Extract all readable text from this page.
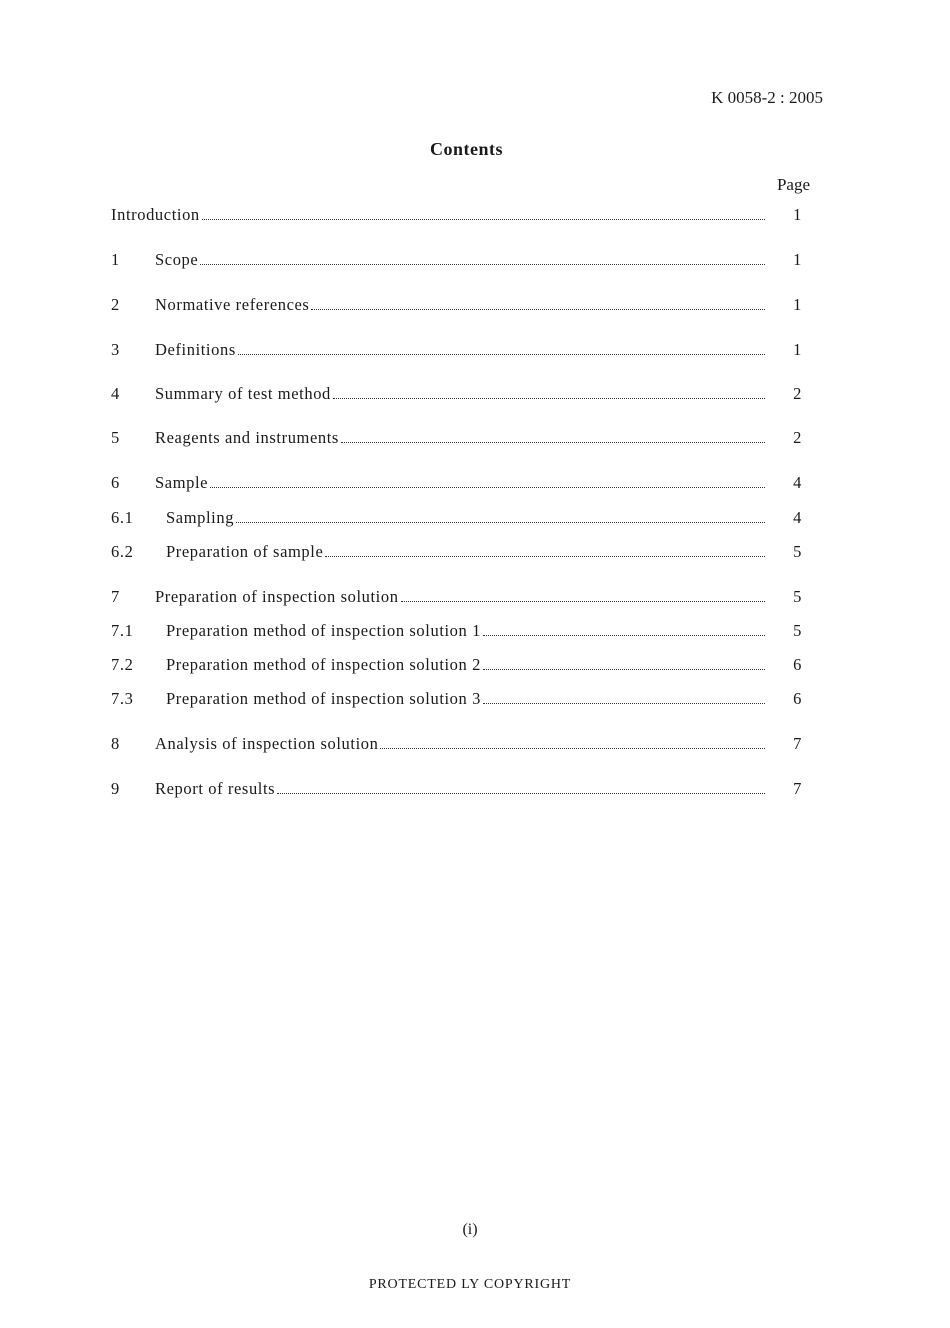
K 0058-2 : 2005
Contents
Page
Introduction	1
1 Scope	1
2 Normative references	1
3 Definitions	1
4 Summary of test method	2
5 Reagents and instruments	2
6 Sample	4
6.1 Sampling	4
6.2 Preparation of sample	5
7 Preparation of inspection solution	5
7.1 Preparation method of inspection solution 1	5
7.2 Preparation method of inspection solution 2	6
7.3 Preparation method of inspection solution 3	6
8 Analysis of inspection solution	7
9 Report of results	7
(i)
PROTECTED LY COPYRIGHT
